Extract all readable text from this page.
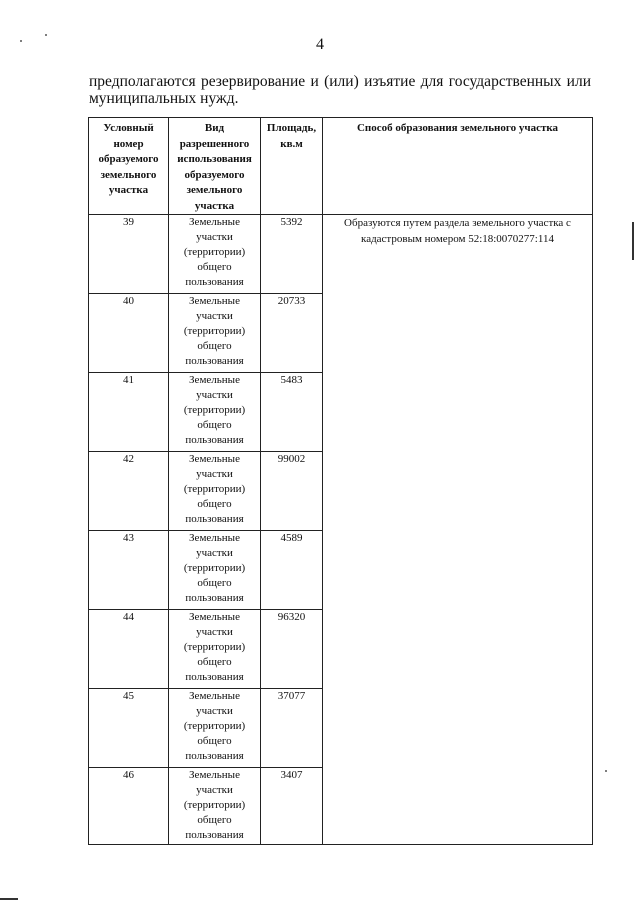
4
предполагаются резервирование и (или) изъятие для государственных или муниципальных нужд.
Условный номер образуемого земельного участка	Вид разрешенного использования образуемого земельного участка	Площадь, кв.м	Способ образования земельного участка
39	Земельные
участки
(территории)
общего
пользования	5392	Образуются путем раздела земельного участка с кадастровым номером 52:18:0070277:114
40	Земельные
участки
(территории)
общего
пользования	20733	
41	Земельные
участки
(территории)
общего
пользования	5483	
42	Земельные
участки
(территории)
общего
пользования	99002	
43	Земельные
участки
(территории)
общего
пользования	4589	
44	Земельные
участки
(территории)
общего
пользования	96320	
45	Земельные
участки
(территории)
общего
пользования	37077	
46	Земельные
участки
(территории)
общего
пользования	3407	
